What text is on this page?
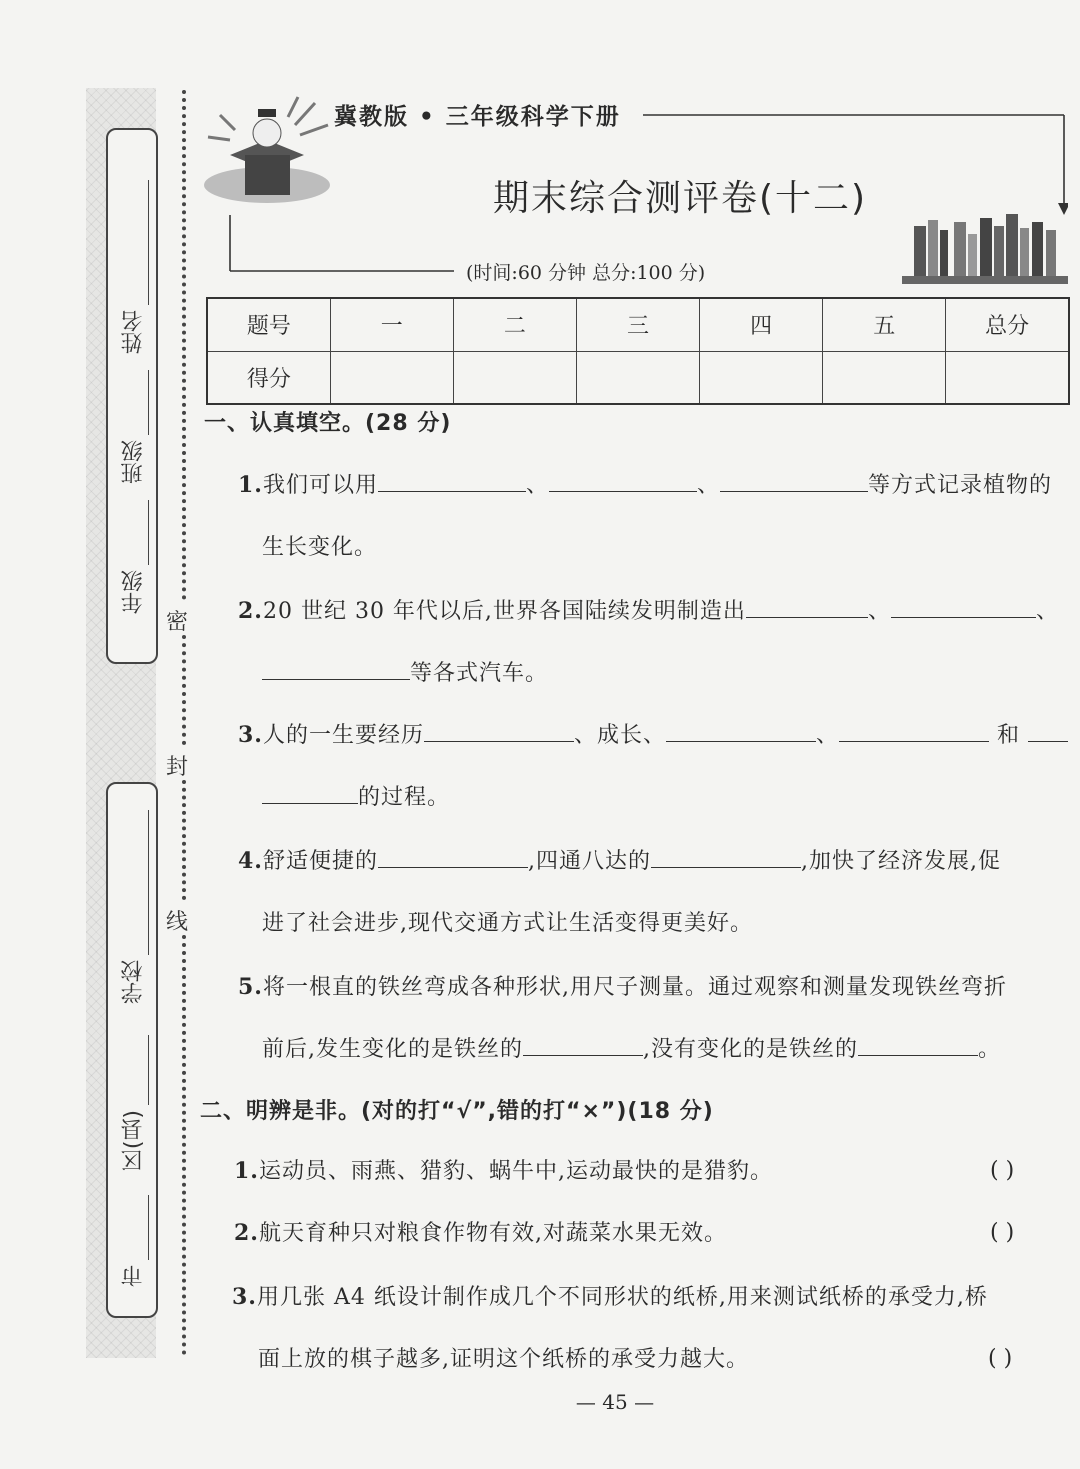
姓名
班级
年级
学校
区(县)
市
密
封
线
冀教版 • 三年级科学下册
期末综合测评卷(十二)
(时间:60 分钟 总分:100 分)
题号	一	二	三	四	五	总分
得分						
一、认真填空。(28 分)
1.我们可以用	、	、	等方式记录植物的
生长变化。
2.20 世纪 30 年代以后,世界各国陆续发明制造出	、	、
等各式汽车。
3.人的一生要经历	、成长、	、	和
的过程。
4.舒适便捷的	,四通八达的	,加快了经济发展,促
进了社会进步,现代交通方式让生活变得更美好。
5.将一根直的铁丝弯成各种形状,用尺子测量。通过观察和测量发现铁丝弯折
前后,发生变化的是铁丝的	,没有变化的是铁丝的	。
二、明辨是非。(对的打“√”,错的打“×”)(18 分)
1.运动员、雨燕、猎豹、蜗牛中,运动最快的是猎豹。	( )
2.航天育种只对粮食作物有效,对蔬菜水果无效。	( )
3.用几张 A4 纸设计制作成几个不同形状的纸桥,用来测试纸桥的承受力,桥
面上放的棋子越多,证明这个纸桥的承受力越大。	( )
— 45 —
